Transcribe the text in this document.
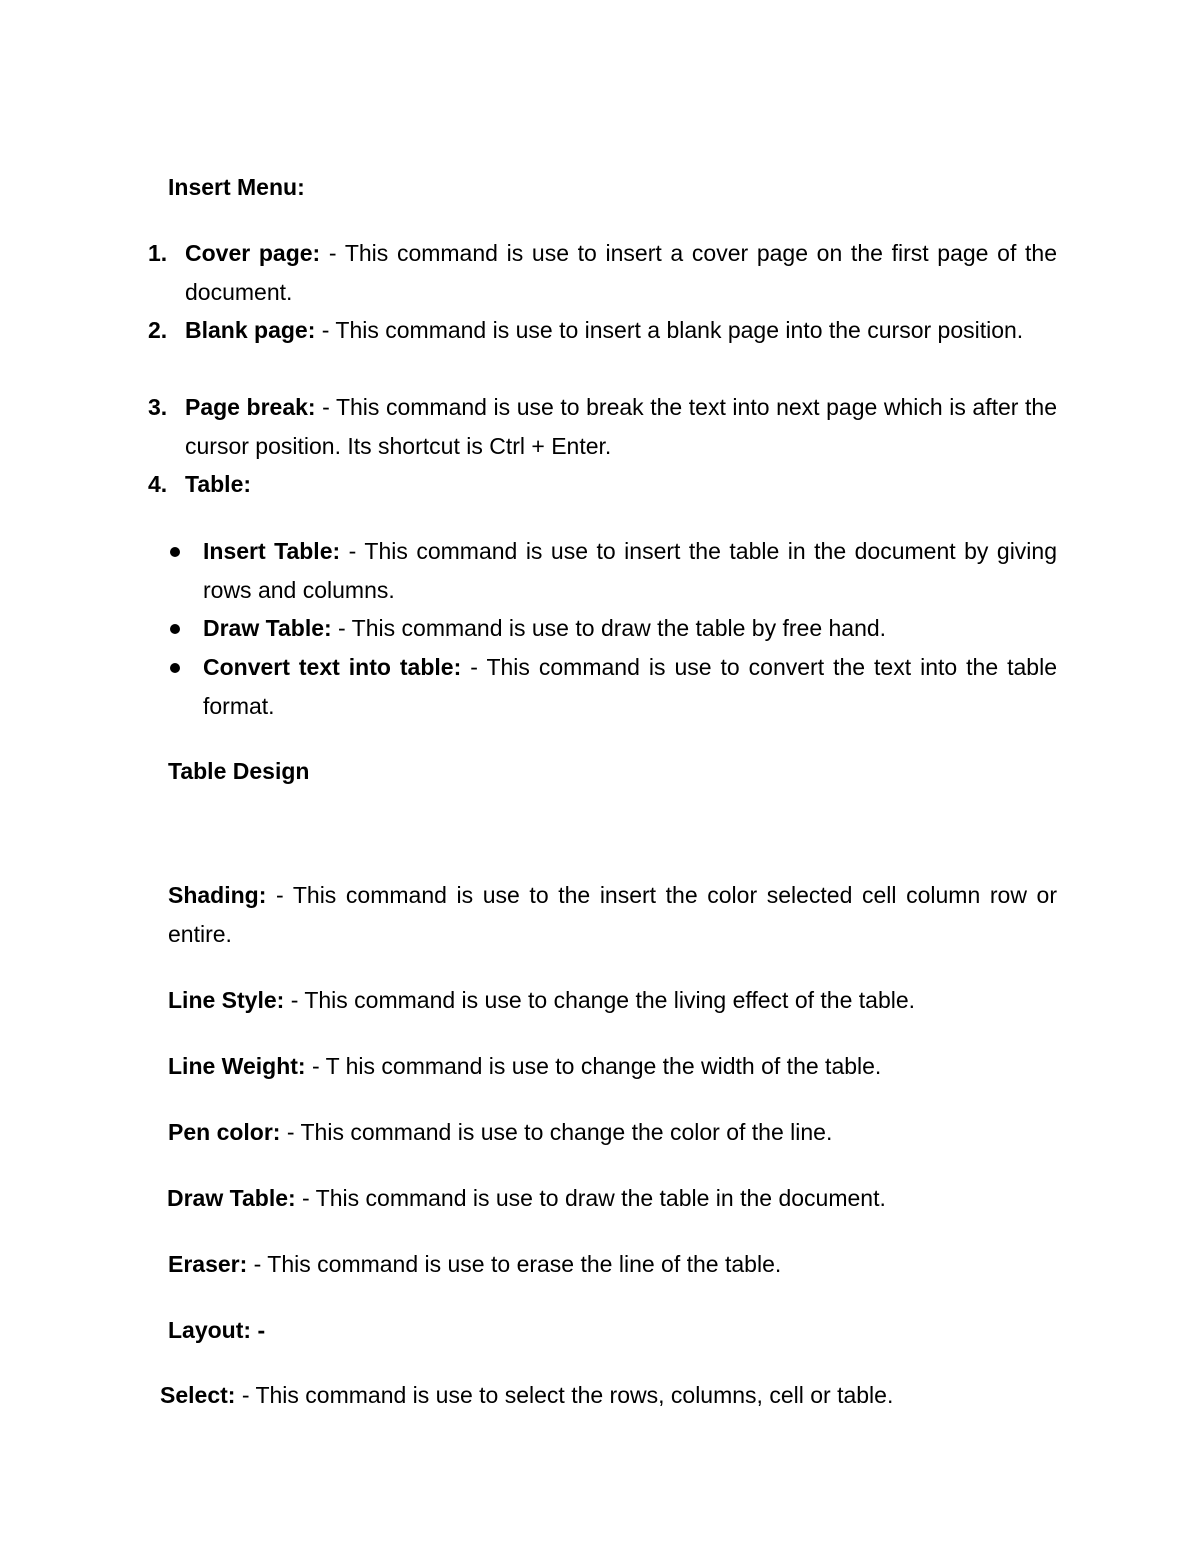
Insert Menu:
1. Cover page: - This command is use to insert a cover page on the first page of the document.
2. Blank page: - This command is use to insert a blank page into the cursor position.
3. Page break: - This command is use to break the text into next page which is after the cursor position. Its shortcut is Ctrl + Enter.
4. Table:
Insert Table: - This command is use to insert the table in the document by giving rows and columns.
Draw Table: - This command is use to draw the table by free hand.
Convert text into table: - This command is use to convert the text into the table format.
Table Design
Shading: - This command is use to the insert the color selected cell column row or entire.
Line Style: - This command is use to change the living effect of the table.
Line Weight: - T his command is use to change the width of the table.
Pen color: - This command is use to change the color of the line.
Draw Table: - This command is use to draw the table in the document.
Eraser: - This command is use to erase the line of the table.
Layout: -
Select: - This command is use to select the rows, columns, cell or table.
